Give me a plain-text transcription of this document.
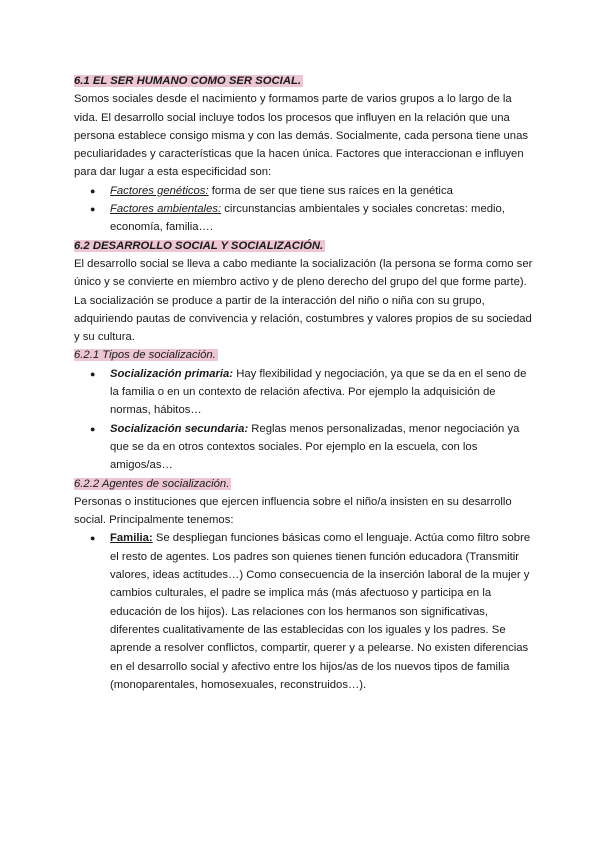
6.1 EL SER HUMANO COMO SER SOCIAL.

Somos sociales desde el nacimiento y formamos parte de varios grupos a lo largo de la vida. El desarrollo social incluye todos los procesos que influyen en la relación que una persona establece consigo misma y con las demás. Socialmente, cada persona tiene unas peculiaridades y características que la hacen única. Factores que interaccionan e influyen para dar lugar a esta especificidad son:

● Factores genéticos: forma de ser que tiene sus raíces en la genética
● Factores ambientales: circunstancias ambientales y sociales concretas: medio, economía, familia….

6.2 DESARROLLO SOCIAL Y SOCIALIZACIÓN.

El desarrollo social se lleva a cabo mediante la socialización (la persona se forma como ser único y se convierte en miembro activo y de pleno derecho del grupo del que forme parte). La socialización se produce a partir de la interacción del niño o niña con su grupo, adquiriendo pautas de convivencia y relación, costumbres y valores propios de su sociedad y su cultura.

6.2.1 Tipos de socialización.

● Socialización primaria: Hay flexibilidad y negociación, ya que se da en el seno de la familia o en un contexto de relación afectiva. Por ejemplo la adquisición de normas, hábitos…
● Socialización secundaria: Reglas menos personalizadas, menor negociación ya que se da en otros contextos sociales. Por ejemplo en la escuela, con los amigos/as…

6.2.2 Agentes de socialización.

Personas o instituciones que ejercen influencia sobre el niño/a insisten en su desarrollo social. Principalmente tenemos:

● Familia: Se despliegan funciones básicas como el lenguaje. Actúa como filtro sobre el resto de agentes. Los padres son quienes tienen función educadora (Transmitir valores, ideas actitudes…) Como consecuencia de la inserción laboral de la mujer y cambios culturales, el padre se implica más (más afectuoso y participa en la educación de los hijos). Las relaciones con los hermanos son significativas, diferentes cualitativamente de las establecidas con los iguales y los padres. Se aprende a resolver conflictos, compartir, querer y a pelearse. No existen diferencias en el desarrollo social y afectivo entre los hijos/as de los nuevos tipos de familia (monoparentales, homosexuales, reconstruidos…).
